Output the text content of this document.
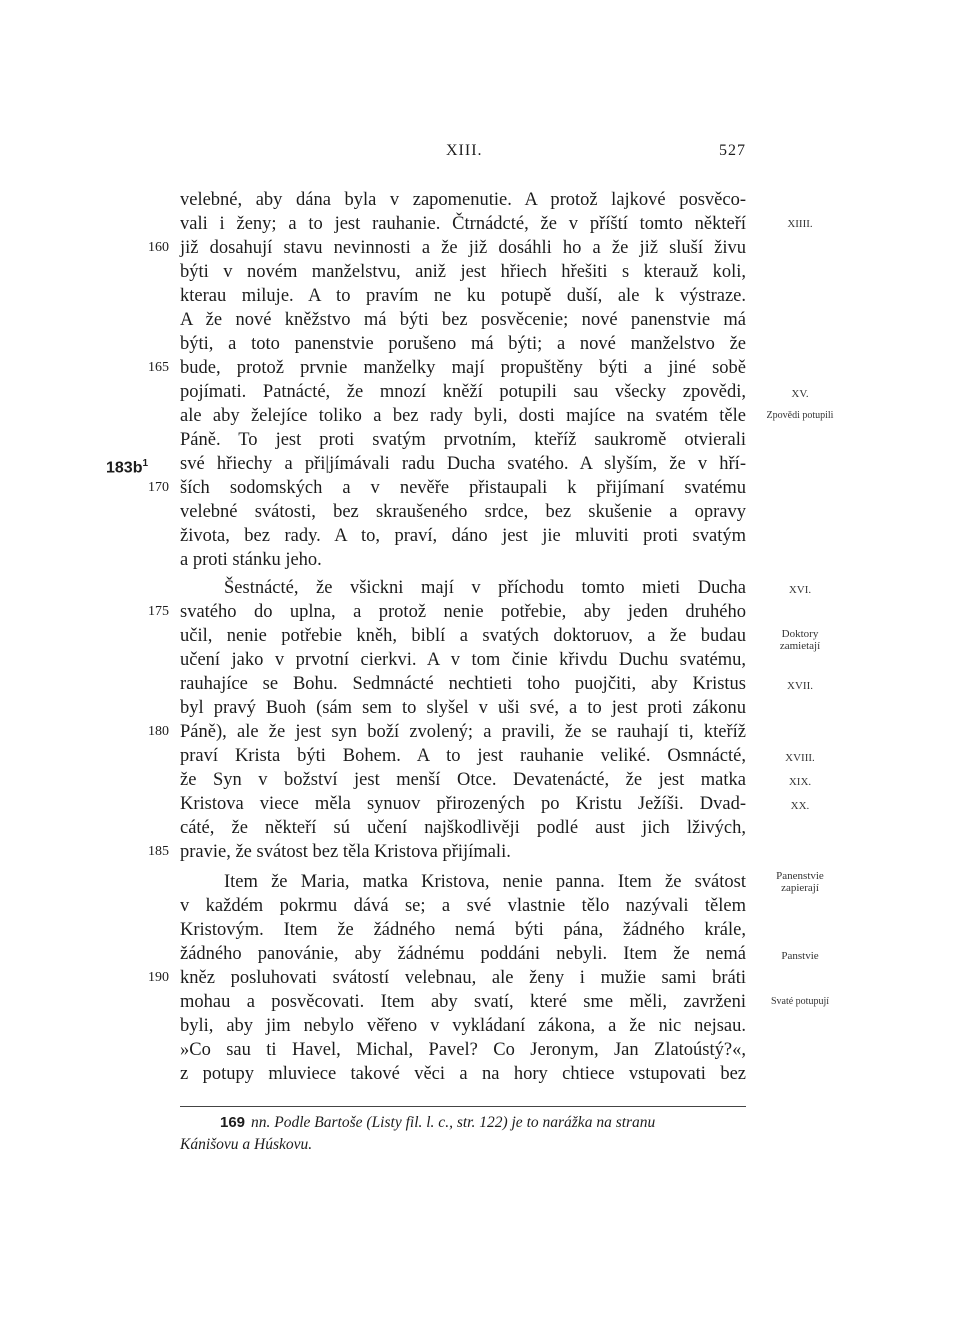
XIII.	527
velebné, aby dána byla v zapomenutie. A protož lajkové posvěco-
vali i ženy; a to jest rauhanie. Čtrnádcté, že v příští tomto někteří
již dosahují stavu nevinnosti a že již dosáhli ho a že již sluší živu
býti v novém manželstvu, aniž jest hřiech hřešiti s kterauž koli,
kterau miluje. A to pravím ne ku potupě duší, ale k výstraze.
A že nové kněžstvo má býti bez posvěcenie; nové panenstvie má
býti, a toto panenstvie porušeno má býti; a nové manželstvo že
bude, protož prvnie manželky mají propuštěny býti a jiné sobě
pojímati. Patnácté, že mnozí kněží potupili sau všecky zpovědi,
ale aby želejíce toliko a bez rady byli, dosti majíce na svatém těle
Páně. To jest proti svatým prvotním, kteříž saukromě otvierali
své hřiechy a při|jímávali radu Ducha svatého. A slyším, že v hří-
ších sodomských a v nevěře přistaupali k přijímaní svatému
velebné svátosti, bez skraušeného srdce, bez skušenie a opravy
života, bez rady. A to, praví, dáno jest jie mluviti proti svatým
a proti stánku jeho.
Šestnácté, že všickni mají v příchodu tomto mieti Ducha
svatého do uplna, a protož nenie potřebie, aby jeden druhého
učil, nenie potřebie kněh, biblí a svatých doktoruov, a že budau
učení jako v prvotní cierkvi. A v tom činie křivdu Duchu svatému,
rauhajíce se Bohu. Sedmnácté nechtieti toho puojčiti, aby Kristus
byl pravý Buoh (sám sem to slyšel v uši své, a to jest proti zákonu
Páně), ale že jest syn boží zvolený; a pravili, že se rauhají ti, kteříž
praví Krista býti Bohem. A to jest rauhanie veliké. Osmnácté,
že Syn v božství jest menší Otce. Devatenácté, že jest matka
Kristova viece měla synuov přirozených po Kristu Ježíši. Dvad-
cáté, že někteří sú učení najškodlivěji podlé aust jich lživých,
pravie, že svátost bez těla Kristova přijímali.
Item že Maria, matka Kristova, nenie panna. Item že svátost
v každém pokrmu dává se; a své vlastnie tělo nazývali tělem
Kristovým. Item že žádného nemá býti pána, žádného krále,
žádného panovánie, aby žádnému poddáni nebyli. Item že nemá
kněz posluhovati svátostí velebnau, ale ženy i mužie sami bráti
mohau a posvěcovati. Item aby svatí, které sme měli, zavrženi
byli, aby jim nebylo věřeno v vykládaní zákona, a že nic nejsau.
»Co sau ti Havel, Michal, Pavel? Co Jeronym, Jan Zlatoústý?«,
z potupy mluviece takové věci a na hory chtiece vstupovati bez
160
165
170
175
180
185
190
$183b^1$
XIIII.
XV.
Zpovědi potupili
XVI.
Doktory
zamietají
XVII.
XVIII.
XIX.
XX.
Panenstvie
zapierají
Panstvie
Svaté potupují
169 nn. Podle Bartoše (Listy fil. l. c., str. 122) je to narážka na stranu
Kánišovu a Húskovu.
